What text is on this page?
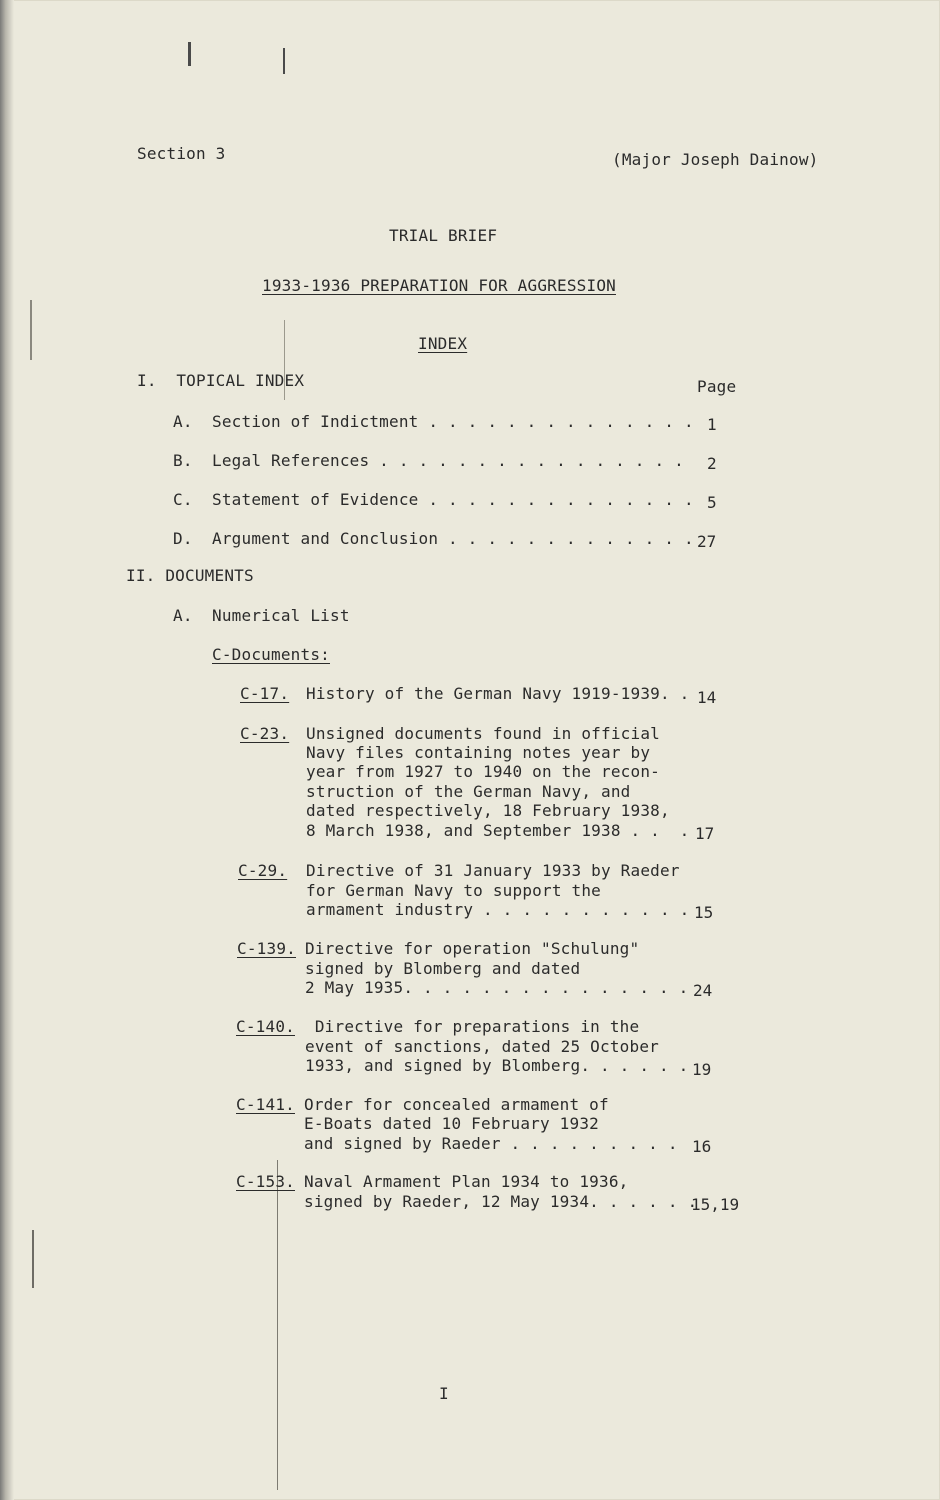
Section 3	(Major Joseph Dainow)
TRIAL BRIEF
1933-1936 PREPARATION FOR AGGRESSION
INDEX
I.  TOPICAL INDEX	Page
A. Section of Indictment . . . . . . . . . . . . . . 1
B. Legal References . . . . . . . . . . . . . . . . 2
C. Statement of Evidence . . . . . . . . . . . . . . 5
D. Argument and Conclusion . . . . . . . . . . . . . 27
II. DOCUMENTS
A. Numerical List
C-Documents:
C-17. History of the German Navy 1919-1939. . 14
C-23. Unsigned documents found in official
Navy files containing notes year by
year from 1927 to 1940 on the recon-
struction of the German Navy, and
dated respectively, 18 February 1938,
8 March 1938, and September 1938 . .  . 17
C-29. Directive of 31 January 1933 by Raeder
for German Navy to support the
armament industry . . . . . . . . . . . 15
C-139. Directive for operation "Schulung"
signed by Blomberg and dated
2 May 1935. . . . . . . . . . . . . . . 24
C-140. Directive for preparations in the
event of sanctions, dated 25 October
1933, and signed by Blomberg. . . . . . 19
C-141. Order for concealed armament of
E-Boats dated 10 February 1932
and signed by Raeder . . . . . . . . . 16
C-153. Naval Armament Plan 1934 to 1936,
signed by Raeder, 12 May 1934. . . . . .
15,19
I
